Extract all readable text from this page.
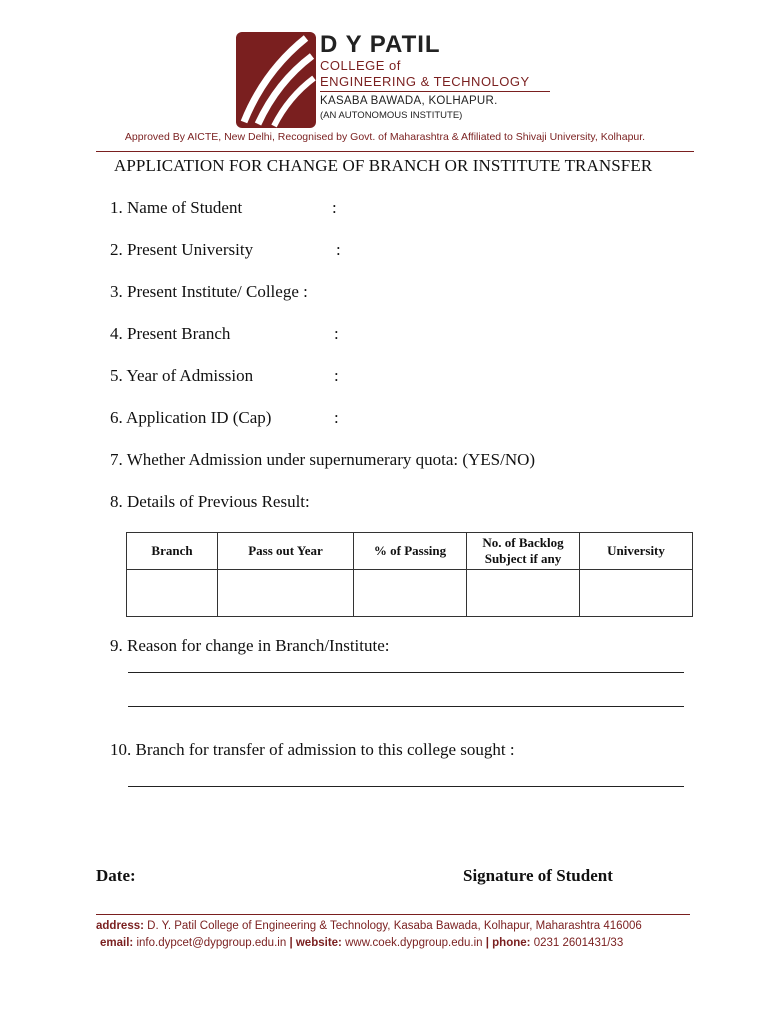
D Y PATIL
COLLEGE of
ENGINEERING & TECHNOLOGY
KASABA BAWADA, KOLHAPUR.
(AN AUTONOMOUS INSTITUTE)
Approved By AICTE, New Delhi, Recognised by Govt. of Maharashtra & Affiliated to Shivaji University, Kolhapur.
APPLICATION FOR CHANGE OF BRANCH OR INSTITUTE TRANSFER
1. Name of Student	:
2. Present University	:
3. Present Institute/ College :
4. Present Branch	:
5. Year of Admission	:
6. Application ID (Cap)	:
7. Whether Admission under supernumerary quota: (YES/NO)
8. Details of Previous Result:
Branch	Pass out Year	% of Passing	No. of Backlog Subject if any	University

9. Reason for change in Branch/Institute:
10. Branch for transfer of admission to this college sought :
Date:	Signature of Student
address: D. Y. Patil College of Engineering & Technology, Kasaba Bawada, Kolhapur, Maharashtra 416006
email: info.dypcet@dypgroup.edu.in | website: www.coek.dypgroup.edu.in | phone: 0231 2601431/33
